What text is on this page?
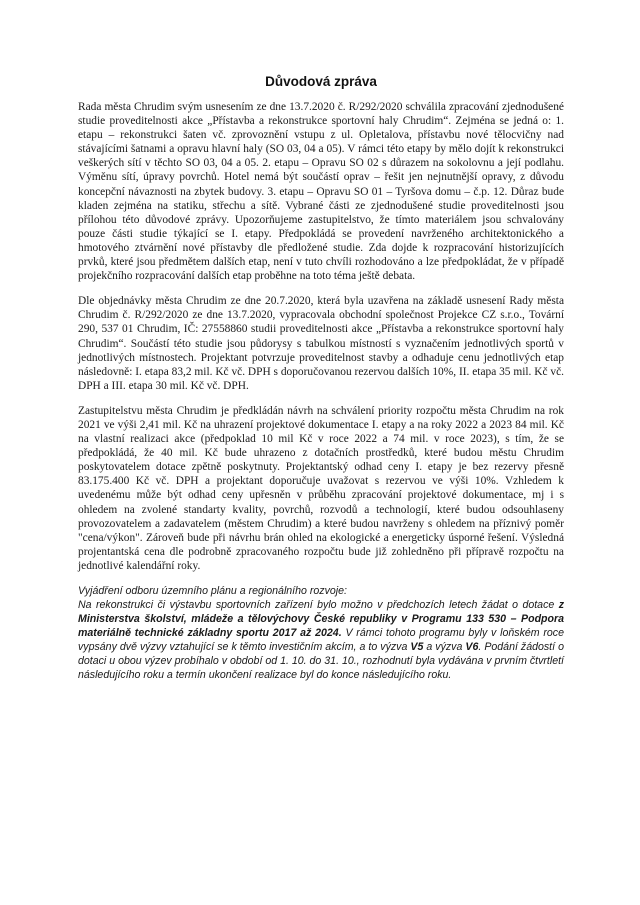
Důvodová zpráva

Rada města Chrudim svým usnesením ze dne 13.7.2020 č. R/292/2020 schválila zpracování zjednodušené studie proveditelnosti akce „Přístavba a rekonstrukce sportovní haly Chrudim“. Zejména se jedná o: 1. etapu – rekonstrukci šaten vč. zprovoznění vstupu z ul. Opletalova, přístavbu nové tělocvičny nad stávajícími šatnami a opravu hlavní haly (SO 03, 04 a 05). V rámci této etapy by mělo dojít k rekonstrukci veškerých sítí v těchto SO 03, 04 a 05. 2. etapu – Opravu SO 02 s důrazem na sokolovnu a její podlahu. Výměnu sítí, úpravy povrchů. Hotel nemá být součástí oprav – řešit jen nejnutnější opravy, z důvodu koncepční návaznosti na zbytek budovy. 3. etapu – Opravu SO 01 – Tyršova domu – č.p. 12. Důraz bude kladen zejména na statiku, střechu a sítě. Vybrané části ze zjednodušené studie proveditelnosti jsou přílohou této důvodové zprávy. Upozorňujeme zastupitelstvo, že tímto materiálem jsou schvalovány pouze části studie týkající se I. etapy. Předpokládá se provedení navrženého architektonického a hmotového ztvárnění nové přístavby dle předložené studie. Zda dojde k rozpracování historizujících prvků, které jsou předmětem dalších etap, není v tuto chvíli rozhodováno a lze předpokládat, že v případě projekčního rozpracování dalších etap proběhne na toto téma ještě debata.

Dle objednávky města Chrudim ze dne 20.7.2020, která byla uzavřena na základě usnesení Rady města Chrudim č. R/292/2020 ze dne 13.7.2020, vypracovala obchodní společnost Projekce CZ s.r.o., Tovární 290, 537 01 Chrudim, IČ: 27558860 studii proveditelnosti akce „Přístavba a rekonstrukce sportovní haly Chrudim“. Součástí této studie jsou půdorysy s tabulkou místností s vyznačením jednotlivých sportů v jednotlivých místnostech. Projektant potvrzuje proveditelnost stavby a odhaduje cenu jednotlivých etap následovně: I. etapa 83,2 mil. Kč vč. DPH s doporučovanou rezervou dalších 10%, II. etapa 35 mil. Kč vč. DPH a III. etapa 30 mil. Kč vč. DPH.

Zastupitelstvu města Chrudim je předkládán návrh na schválení priority rozpočtu města Chrudim na rok 2021 ve výši 2,41 mil. Kč na uhrazení projektové dokumentace I. etapy a na roky 2022 a 2023 84 mil. Kč na vlastní realizaci akce (předpoklad 10 mil Kč v roce 2022 a 74 mil. v roce 2023), s tím, že se předpokládá, že 40 mil. Kč bude uhrazeno z dotačních prostředků, které budou městu Chrudim poskytovatelem dotace zpětně poskytnuty. Projektantský odhad ceny I. etapy je bez rezervy přesně 83.175.400 Kč vč. DPH a projektant doporučuje uvažovat s rezervou ve výši 10%. Vzhledem k uvedenému může být odhad ceny upřesněn v průběhu zpracování projektové dokumentace, mj i s ohledem na zvolené standarty kvality, povrchů, rozvodů a technologií, které budou odsouhlaseny provozovatelem a zadavatelem (městem Chrudim) a které budou navrženy s ohledem na příznivý poměr "cena/výkon". Zároveň bude při návrhu brán ohled na ekologické a energeticky úsporné řešení. Výsledná projentantská cena dle podrobně zpracovaného rozpočtu bude již zohledněno při přípravě rozpočtu na jednotlivé kalendářní roky.

Vyjádření odboru územního plánu a regionálního rozvoje:
Na rekonstrukci či výstavbu sportovních zařízení bylo možno v předchozích letech žádat o dotace z Ministerstva školství, mládeže a tělovýchovy České republiky v Programu 133 530 – Podpora materiálně technické základny sportu 2017 až 2024. V rámci tohoto programu byly v loňském roce vypsány dvě výzvy vztahující se k těmto investičním akcím, a to výzva V5 a výzva V6. Podání žádostí o dotaci u obou výzev probíhalo v období od 1. 10. do 31. 10., rozhodnutí byla vydávána v prvním čtvrtletí následujícího roku a termín ukončení realizace byl do konce následujícího roku.
